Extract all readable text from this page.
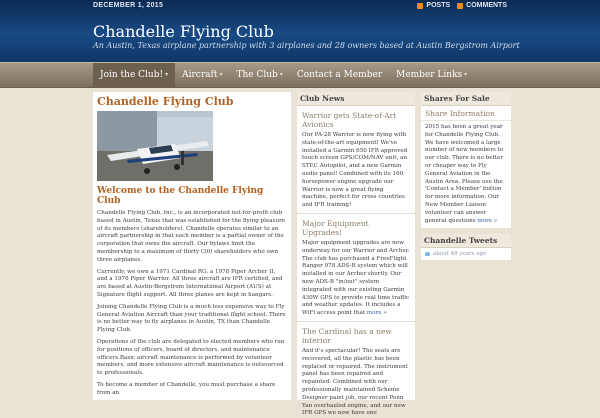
DECEMBER 1, 2015	POSTS COMMENTS
Chandelle Flying Club
An Austin, Texas airplane partnership with 3 airplanes and 28 owners based at Austin Bergstrom Airport
Join the Club! ▾ Aircraft ▾ The Club ▾ Contact a Member Member Links ▾
Chandelle Flying Club
Welcome to the Chandelle Flying Club

Chandelle Flying Club, Inc., is an incorporated not-for-profit club based in Austin, Texas that was established for the flying pleasure of its members (shareholders). Chandelle operates similar to an aircraft partnership in that each member is a partial owner of the corporation that owns the aircraft. Our bylaws limit the membership to a maximum of thirty (30) shareholders who own three airplanes.

Currently, we own a 1971 Cardinal RG, a 1978 Piper Archer II, and a 1976 Piper Warrior. All three aircraft are IFR certified, and are based at Austin-Bergstrom International Airport (AUS) at Signature flight support. All three planes are kept in hangars.

Joining Chandelle Flying Club is a much less expensive way to Fly General Aviation Aircraft than your traditional flight school. There is no better way to fly airplanes in Austin, TX than Chandelle Flying Club.

Operations of the club are delegated to elected members who run for positions of officers, board of directors, and maintenance officers.Basic aircraft maintenance is performed by volunteer members, and more extensive aircraft maintenance is outsourced to professionals.

To become a member of Chandelle, you must purchase a share from an

Club News
Warrior gets State-of-Art Avionics

Our PA-28 Warrior is now flying with state-of-the-art equipment! We've installed a Garmin 650 IFR approved touch screen GPS/COM/NAV unit, an STEC Autopilot, and a new Garmin audio panel! Combined with its 160 horsepower engine upgrade our Warrior is now a great flying machine, perfect for cross countries and IFR training!

Major Equipment Upgrades!

Major equipment upgrades are now underway for our Warrior and Archer. The club has purchased a FreeFlight Ranger 978 ADS-B system which will installed in our Archer shortly. Our new ADS-B "in/out" system integrated with our existing Garmin 430W GPS to provide real time traffic and weather updates. It includes a WiFi access point that more »

The Cardinal has a new interior

And it's spectacular! The seats are recovered, all the plastic has been replaced or repaired. The instrument panel has been repaired and repainted. Combined with our professionally maintained Scheme Designer paint job, our recent Penn Yan overhauled engine, and our new IFR GPS we now have one

Shares For Sale
Share Information

2015 has been a great year for Chandelle Flying Club. We have welcomed a large number of new members to our club. There is no better or cheaper way to Fly General Aviation in the Austin Area. Please use the 'Contact a Member' button for more information. Our New Member Liaison volunteer can answer general questions more »

Chandelle Tweets
about 48 years ago
